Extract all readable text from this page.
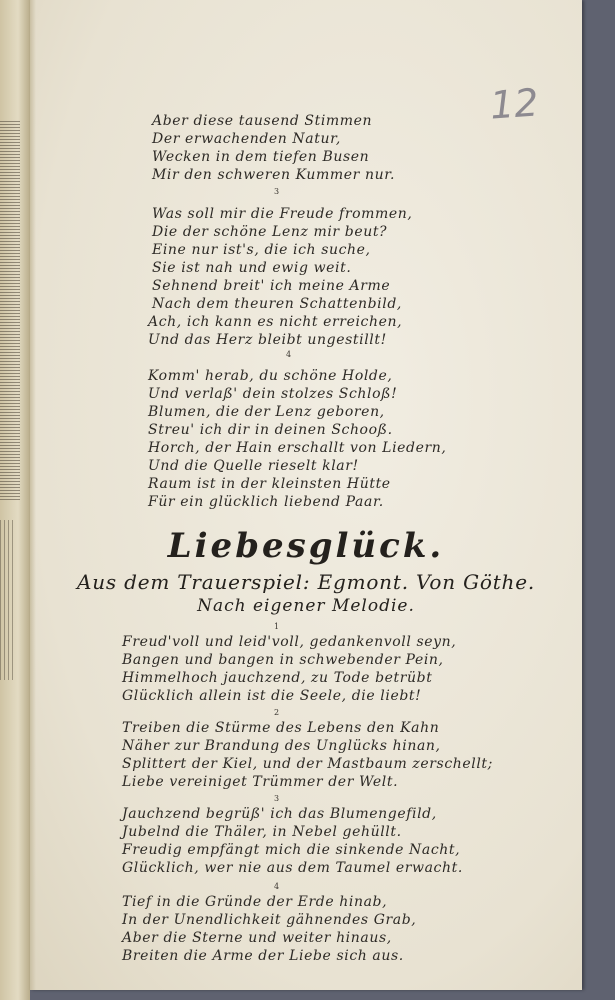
12
Aber diese tausend Stimmen
Der erwachenden Natur,
Wecken in dem tiefen Busen
Mir den schweren Kummer nur.
3
Was soll mir die Freude frommen,
Die der schöne Lenz mir beut?
Eine nur ist's, die ich suche,
Sie ist nah und ewig weit.
Sehnend breit' ich meine Arme
Nach dem theuren Schattenbild,
Ach, ich kann es nicht erreichen,
Und das Herz bleibt ungestillt!
4
Komm' herab, du schöne Holde,
Und verlaß' dein stolzes Schloß!
Blumen, die der Lenz geboren,
Streu' ich dir in deinen Schooß.
Horch, der Hain erschallt von Liedern,
Und die Quelle rieselt klar!
Raum ist in der kleinsten Hütte
Für ein glücklich liebend Paar.
Liebesglück.
Aus dem Trauerspiel: Egmont. Von Göthe.
Nach eigener Melodie.
1
Freud'voll und leid'voll, gedankenvoll seyn,
Bangen und bangen in schwebender Pein,
Himmelhoch jauchzend, zu Tode betrübt
Glücklich allein ist die Seele, die liebt!
2
Treiben die Stürme des Lebens den Kahn
Näher zur Brandung des Unglücks hinan,
Splittert der Kiel, und der Mastbaum zerschellt;
Liebe vereiniget Trümmer der Welt.
3
Jauchzend begrüß' ich das Blumengefild,
Jubelnd die Thäler, in Nebel gehüllt.
Freudig empfängt mich die sinkende Nacht,
Glücklich, wer nie aus dem Taumel erwacht.
4
Tief in die Gründe der Erde hinab,
In der Unendlichkeit gähnendes Grab,
Aber die Sterne und weiter hinaus,
Breiten die Arme der Liebe sich aus.
